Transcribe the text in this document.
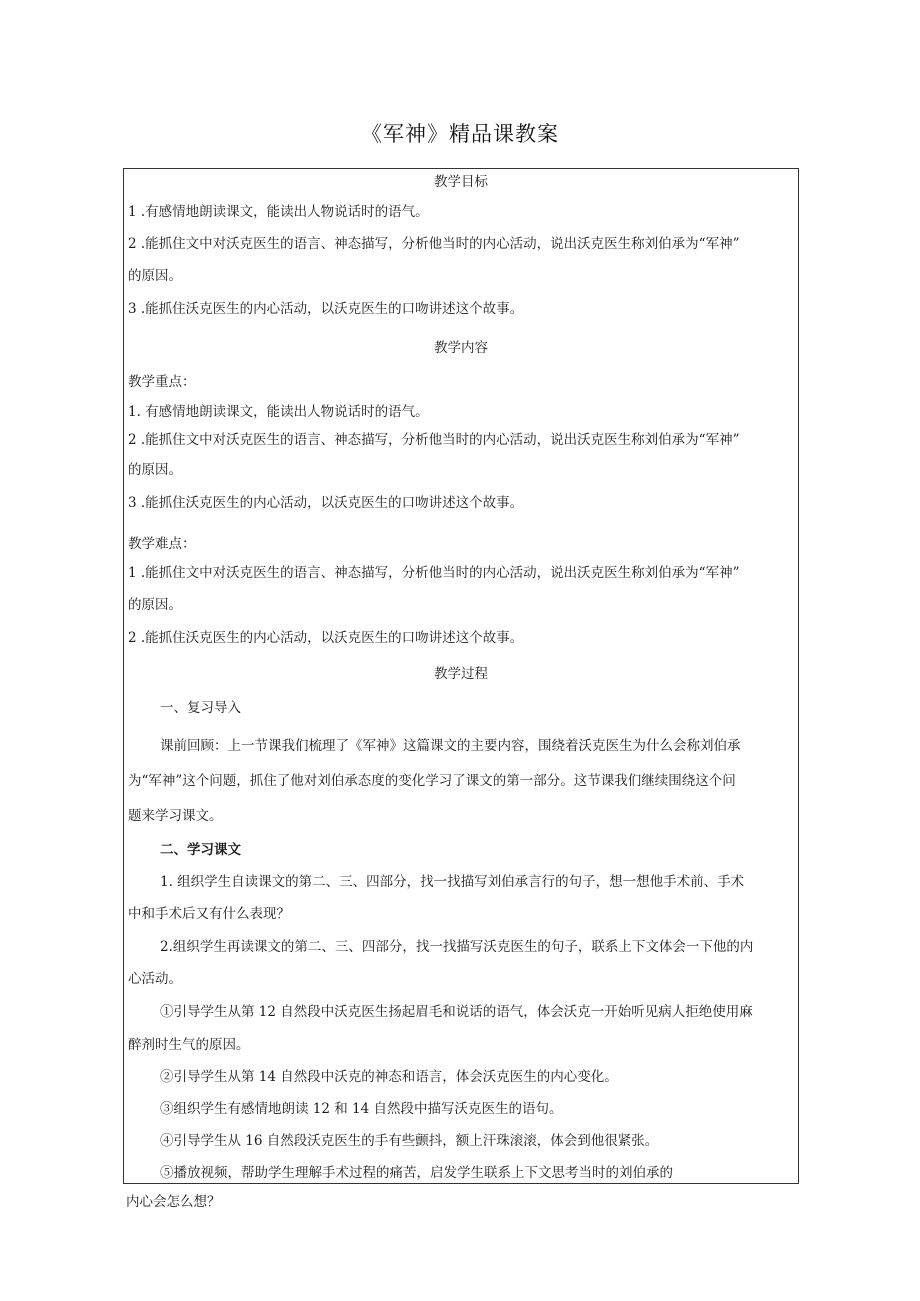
《军神》精品课教案
教学目标
1 .有感情地朗读课文，能读出人物说话时的语气。
2 .能抓住文中对沃克医生的语言、神态描写，分析他当时的内心活动，说出沃克医生称刘伯承为“军神”
的原因。
3 .能抓住沃克医生的内心活动，以沃克医生的口吻讲述这个故事。
教学内容
教学重点：
1. 有感情地朗读课文，能读出人物说话时的语气。
2 .能抓住文中对沃克医生的语言、神态描写，分析他当时的内心活动，说出沃克医生称刘伯承为“军神”
的原因。
3 .能抓住沃克医生的内心活动，以沃克医生的口吻讲述这个故事。
教学难点：
1 .能抓住文中对沃克医生的语言、神态描写，分析他当时的内心活动，说出沃克医生称刘伯承为“军神”
的原因。
2 .能抓住沃克医生的内心活动，以沃克医生的口吻讲述这个故事。
教学过程
一、复习导入
课前回顾：上一节课我们梳理了《军神》这篇课文的主要内容，围绕着沃克医生为什么会称刘伯承
为“军神”这个问题，抓住了他对刘伯承态度的变化学习了课文的第一部分。这节课我们继续围绕这个问
题来学习课文。
二、学习课文
1. 组织学生自读课文的第二、三、四部分，找一找描写刘伯承言行的句子，想一想他手术前、手术
中和手术后又有什么表现？
2.组织学生再读课文的第二、三、四部分，找一找描写沃克医生的句子，联系上下文体会一下他的内
心活动。
①引导学生从第 12 自然段中沃克医生扬起眉毛和说话的语气，体会沃克一开始听见病人拒绝使用麻
醉剂时生气的原因。
②引导学生从第 14 自然段中沃克的神态和语言，体会沃克医生的内心变化。
③组织学生有感情地朗读 12 和 14 自然段中描写沃克医生的语句。
④引导学生从 16 自然段沃克医生的手有些颤抖，额上汗珠滚滚，体会到他很紧张。
⑤播放视频，帮助学生理解手术过程的痛苦，启发学生联系上下文思考当时的刘伯承的
内心会怎么想？
